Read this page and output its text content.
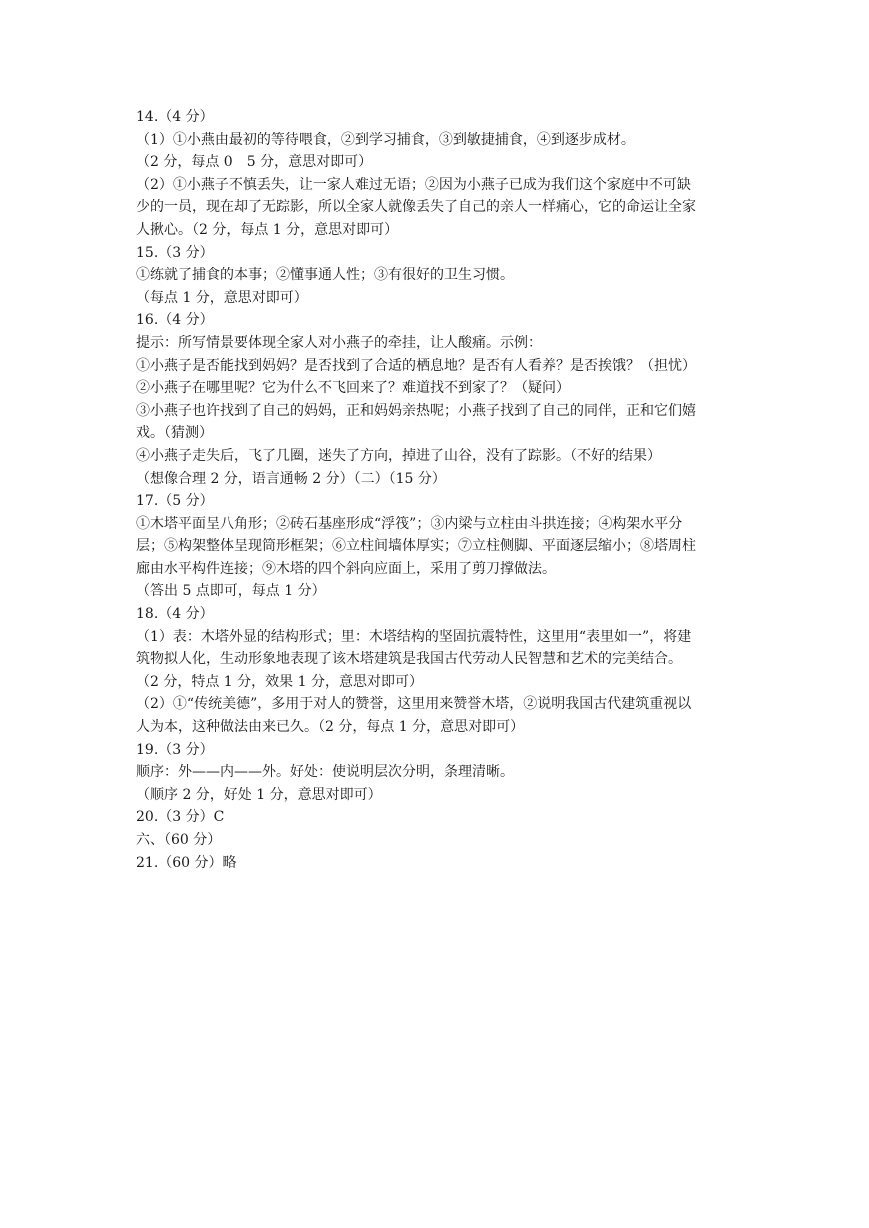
14.（4 分）
（1）①小燕由最初的等待喂食，②到学习捕食，③到敏捷捕食，④到逐步成材。
（2 分，每点 0　5 分，意思对即可）
（2）①小燕子不慎丢失，让一家人难过无语；②因为小燕子已成为我们这个家庭中不可缺
少的一员，现在却了无踪影，所以全家人就像丢失了自己的亲人一样痛心，它的命运让全家
人揪心。（2 分，每点 1 分，意思对即可）
15.（3 分）
①练就了捕食的本事；②懂事通人性；③有很好的卫生习惯。
（每点 1 分，意思对即可）
16.（4 分）
提示：所写情景要体现全家人对小燕子的牵挂，让人酸痛。示例：
①小燕子是否能找到妈妈？是否找到了合适的栖息地？是否有人看养？是否挨饿？（担忧）
②小燕子在哪里呢？它为什么不飞回来了？难道找不到家了？（疑问）
③小燕子也许找到了自己的妈妈，正和妈妈亲热呢；小燕子找到了自己的同伴，正和它们嬉
戏。（猜测）
④小燕子走失后，飞了几圈，迷失了方向，掉进了山谷，没有了踪影。（不好的结果）
（想像合理 2 分，语言通畅 2 分）（二）（15 分）
17.（5 分）
①木塔平面呈八角形；②砖石基座形成“浮筏”；③内梁与立柱由斗拱连接；④构架水平分
层；⑤构架整体呈现筒形框架；⑥立柱间墙体厚实；⑦立柱侧脚、平面逐层缩小；⑧塔周柱
廊由水平构件连接；⑨木塔的四个斜向应面上，采用了剪刀撑做法。
（答出 5 点即可，每点 1 分）
18.（4 分）
（1）表：木塔外显的结构形式；里：木塔结构的坚固抗震特性，这里用“表里如一”，将建
筑物拟人化，生动形象地表现了该木塔建筑是我国古代劳动人民智慧和艺术的完美结合。
（2 分，特点 1 分，效果 1 分，意思对即可）
（2）①“传统美德”，多用于对人的赞誉，这里用来赞誉木塔，②说明我国古代建筑重视以
人为本，这种做法由来已久。（2 分，每点 1 分，意思对即可）
19.（3 分）
顺序：外——内——外。好处：使说明层次分明，条理清晰。
（顺序 2 分，好处 1 分，意思对即可）
20.（3 分）C
六、（60 分）
21.（60 分）略
